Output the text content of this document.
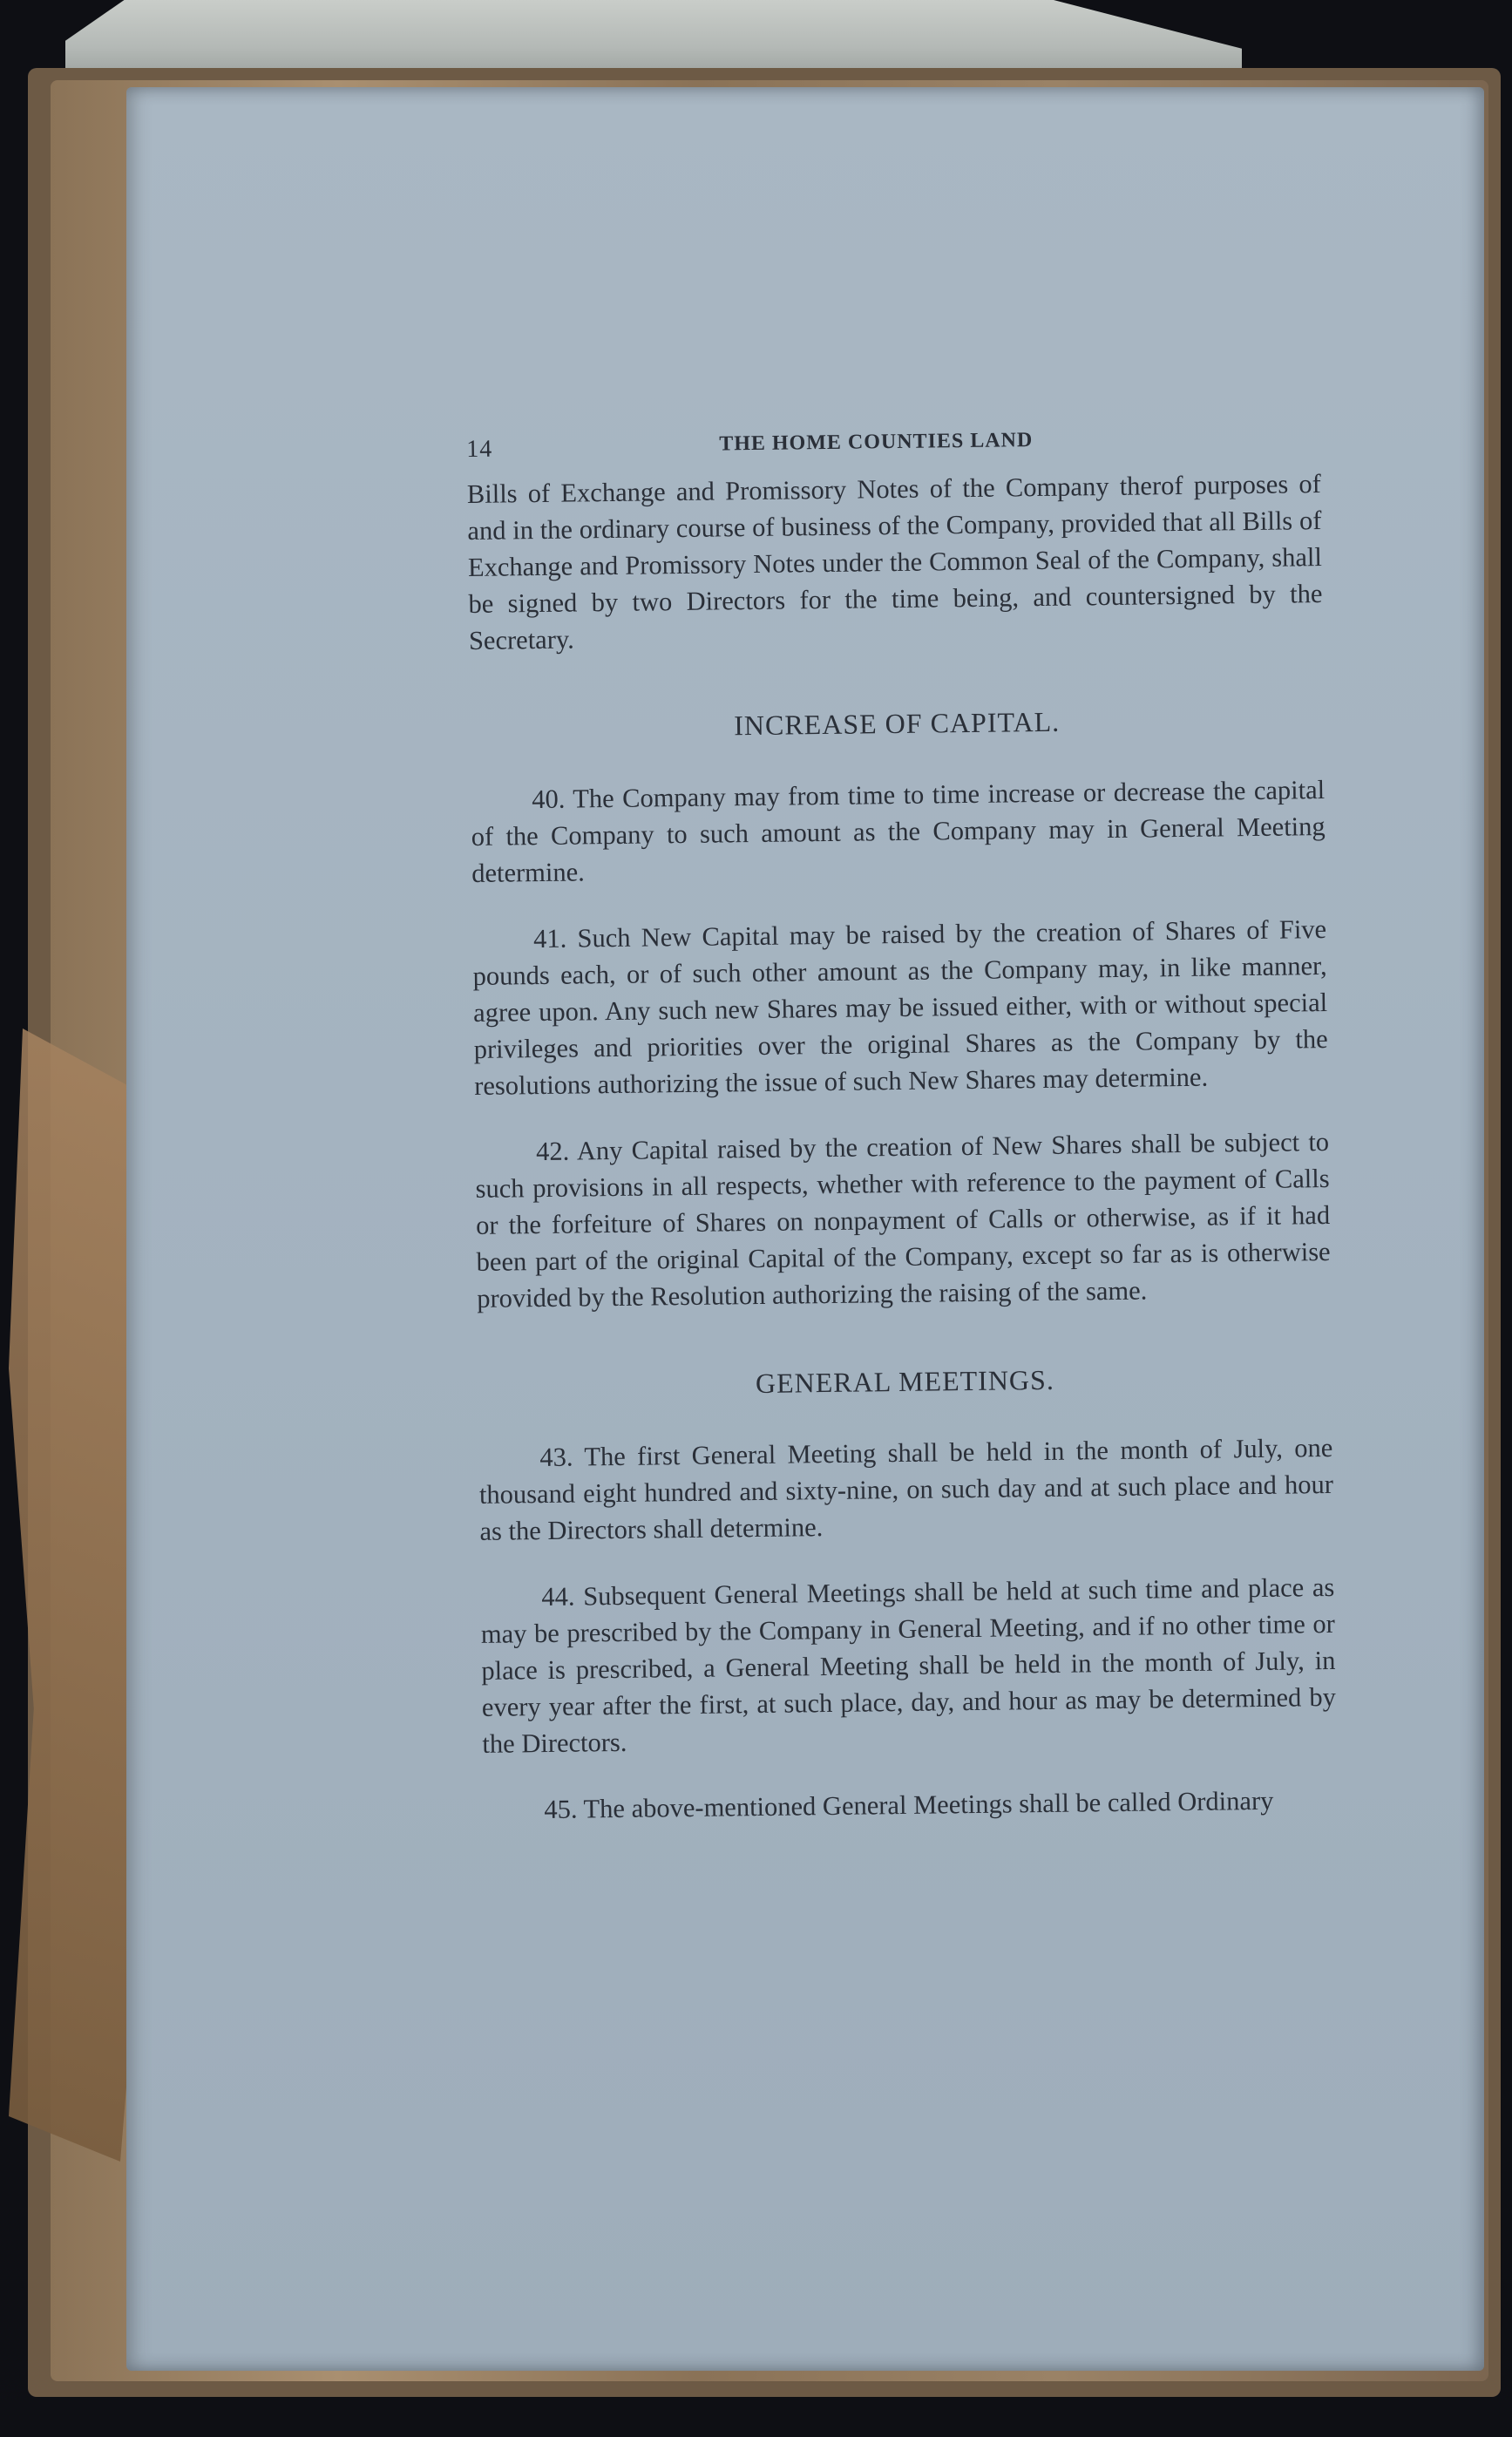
14	THE HOME COUNTIES LAND

Bills of Exchange and Promissory Notes of the Company therof purposes of and in the ordinary course of business of the Company, provided that all Bills of Exchange and Promissory Notes under the Common Seal of the Company, shall be signed by two Directors for the time being, and countersigned by the Secretary.

INCREASE OF CAPITAL.

40. The Company may from time to time increase or decrease the capital of the Company to such amount as the Company may in General Meeting determine.

41. Such New Capital may be raised by the creation of Shares of Five pounds each, or of such other amount as the Company may, in like manner, agree upon. Any such new Shares may be issued either, with or without special privileges and priorities over the original Shares as the Company by the resolutions authorizing the issue of such New Shares may determine.

42. Any Capital raised by the creation of New Shares shall be subject to such provisions in all respects, whether with reference to the payment of Calls or the forfeiture of Shares on nonpayment of Calls or otherwise, as if it had been part of the original Capital of the Company, except so far as is otherwise provided by the Resolution authorizing the raising of the same.

GENERAL MEETINGS.

43. The first General Meeting shall be held in the month of July, one thousand eight hundred and sixty-nine, on such day and at such place and hour as the Directors shall determine.

44. Subsequent General Meetings shall be held at such time and place as may be prescribed by the Company in General Meeting, and if no other time or place is prescribed, a General Meeting shall be held in the month of July, in every year after the first, at such place, day, and hour as may be determined by the Directors.

45. The above-mentioned General Meetings shall be called Ordinary
